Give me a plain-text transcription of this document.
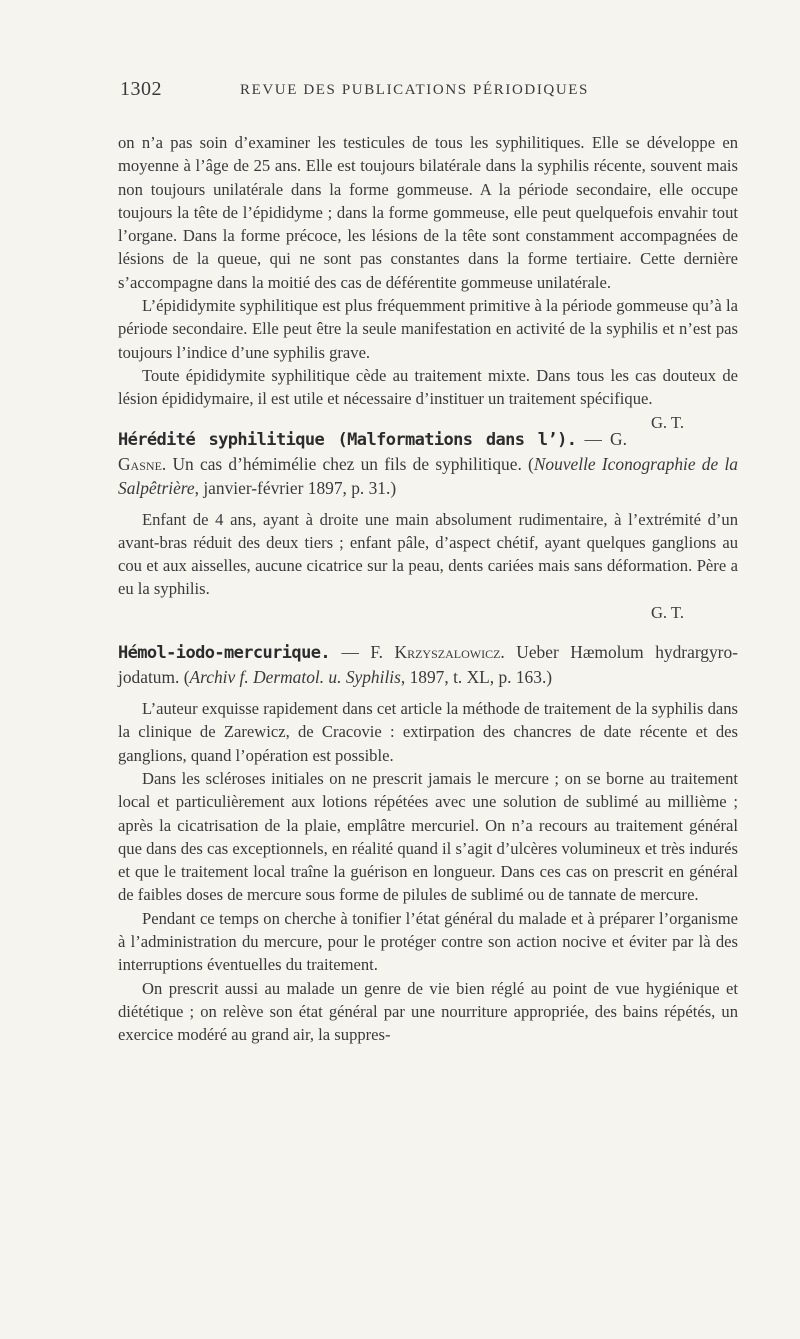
1302	REVUE DES PUBLICATIONS PÉRIODIQUES

on n’a pas soin d’examiner les testicules de tous les syphilitiques. Elle se développe en moyenne à l’âge de 25 ans. Elle est toujours bilatérale dans la syphilis récente, souvent mais non toujours unilatérale dans la forme gommeuse. A la période secondaire, elle occupe toujours la tête de l’épididyme ; dans la forme gommeuse, elle peut quelquefois envahir tout l’organe. Dans la forme précoce, les lésions de la tête sont constamment accompagnées de lésions de la queue, qui ne sont pas constantes dans la forme tertiaire. Cette dernière s’accompagne dans la moitié des cas de déférentite gommeuse unilatérale.

L’épididymite syphilitique est plus fréquemment primitive à la période gommeuse qu’à la période secondaire. Elle peut être la seule manifestation en activité de la syphilis et n’est pas toujours l’indice d’une syphilis grave.

Toute épididymite syphilitique cède au traitement mixte. Dans tous les cas douteux de lésion épididymaire, il est utile et nécessaire d’instituer un traitement spécifique.
G. T.

Hérédité syphilitique (Malformations dans l’). — G. Gasne. Un cas d’hémimélie chez un fils de syphilitique. (Nouvelle Iconographie de la Salpêtrière, janvier-février 1897, p. 31.)

Enfant de 4 ans, ayant à droite une main absolument rudimentaire, à l’extrémité d’un avant-bras réduit des deux tiers ; enfant pâle, d’aspect chétif, ayant quelques ganglions au cou et aux aisselles, aucune cicatrice sur la peau, dents cariées mais sans déformation. Père a eu la syphilis.

G. T.

Hémol-iodo-mercurique. — F. Krzyszalowicz. Ueber Hæmolum hydrargyro-jodatum. (Archiv f. Dermatol. u. Syphilis, 1897, t. XL, p. 163.)

L’auteur exquisse rapidement dans cet article la méthode de traitement de la syphilis dans la clinique de Zarewicz, de Cracovie : extirpation des chancres de date récente et des ganglions, quand l’opération est possible.

Dans les scléroses initiales on ne prescrit jamais le mercure ; on se borne au traitement local et particulièrement aux lotions répétées avec une solution de sublimé au millième ; après la cicatrisation de la plaie, emplâtre mercuriel. On n’a recours au traitement général que dans des cas exceptionnels, en réalité quand il s’agit d’ulcères volumineux et très indurés et que le traitement local traîne la guérison en longueur. Dans ces cas on prescrit en général de faibles doses de mercure sous forme de pilules de sublimé ou de tannate de mercure.

Pendant ce temps on cherche à tonifier l’état général du malade et à préparer l’organisme à l’administration du mercure, pour le protéger contre son action nocive et éviter par là des interruptions éventuelles du traitement.

On prescrit aussi au malade un genre de vie bien réglé au point de vue hygiénique et diététique ; on relève son état général par une nourriture appropriée, des bains répétés, un exercice modéré au grand air, la suppres-
